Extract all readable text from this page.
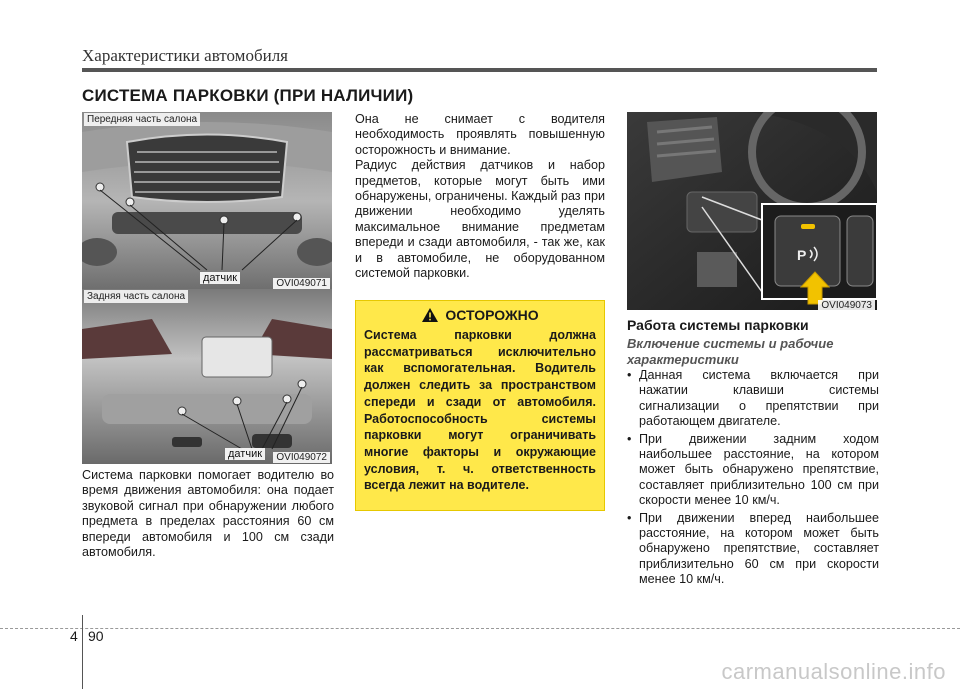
Характеристики автомобиля
СИСТЕМА ПАРКОВКИ (ПРИ НАЛИЧИИ)
Передняя часть салона
датчик	OVI049071
Задняя часть салона
датчик	OVI049072

Система парковки помогает водителю во время движения автомобиля: она подает звуковой сигнал при обнаружении любого предмета в пределах расстояния 60 см впереди автомобиля и 100 см сзади автомобиля.

Она не снимает с водителя необходимость проявлять повышенную осторожность и внимание.

Радиус действия датчиков и набор предметов, которые могут быть ими обнаружены, ограничены. Каждый раз при движении необходимо уделять максимальное внимание предметам впереди и сзади автомобиля, - так же, как и в автомобиле, не оборудованном системой парковки.

ОСТОРОЖНО
Система парковки должна рассматриваться исключительно как вспомогательная. Водитель должен следить за пространством спереди и сзади от автомобиля. Работоспособность системы парковки могут ограничивать многие факторы и окружающие условия, т. ч. ответственность всегда лежит на водителе.
P
OVI049073
Работа системы парковки
Включение системы и рабочие характеристики
• Данная система включается при нажатии клавиши системы сигнализации о препятствии при работающем двигателе.
• При движении задним ходом наибольшее расстояние, на котором может быть обнаружено препятствие, составляет приблизительно 100 см при скорости менее 10 км/ч.
• При движении вперед наибольшее расстояние, на котором может быть обнаружено препятствие, составляет приблизительно 60 см при скорости менее 10 км/ч.
4 90
carmanualsonline.info
